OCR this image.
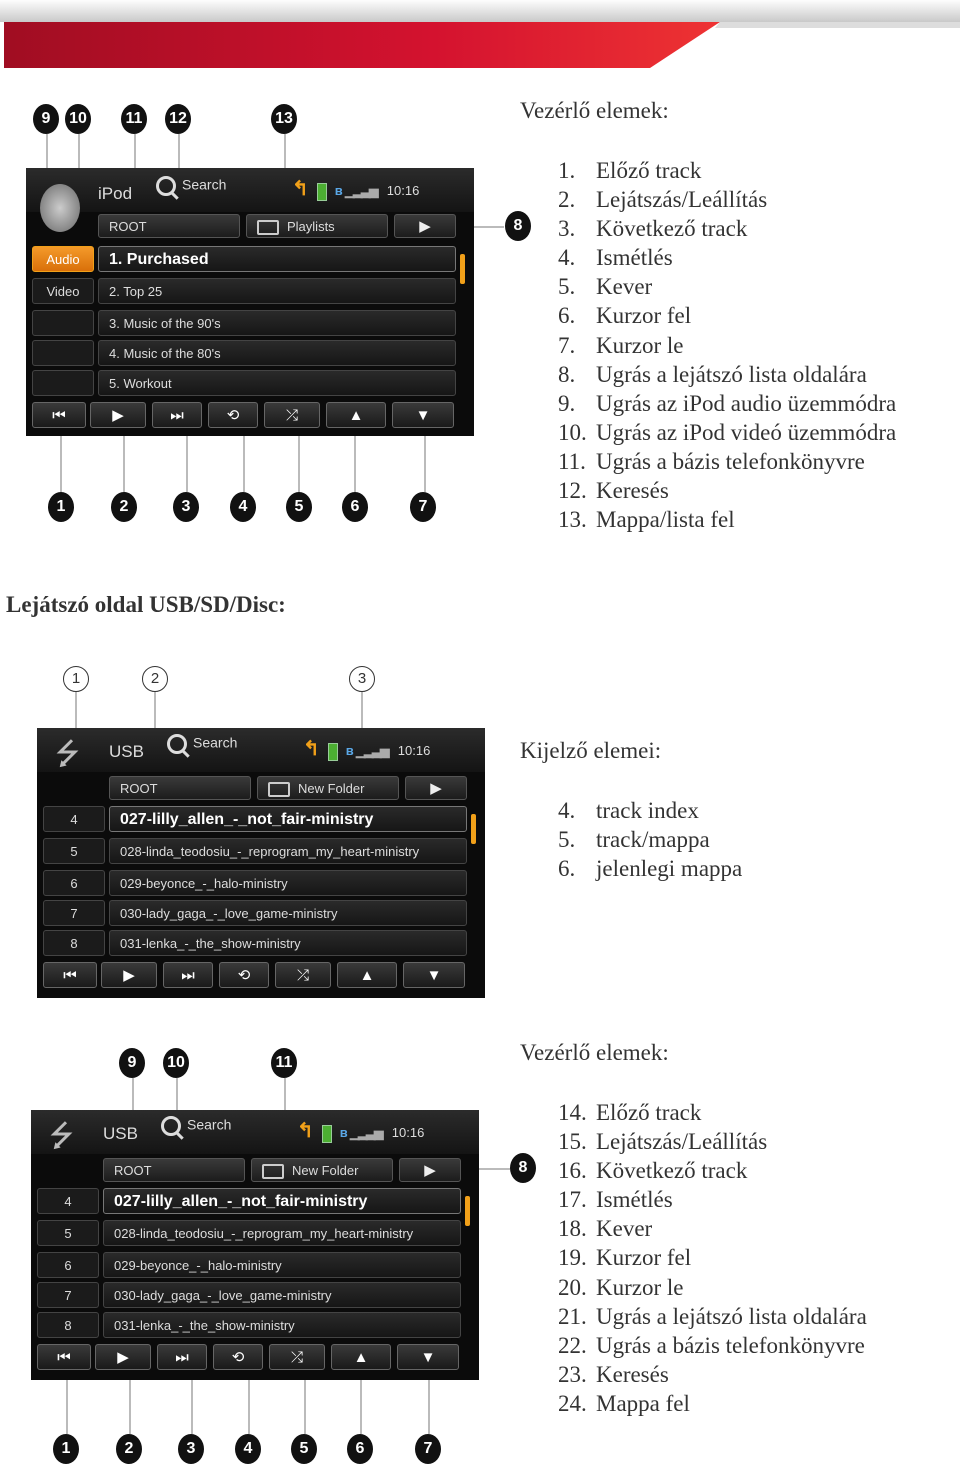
Vezérlő elemek:
1. Előző track
2. Lejátszás/Leállítás
3. Következő track
4. Ismétlés
5. Kever
6. Kurzor fel
7. Kurzor le
8. Ugrás a lejátszó lista oldalára
9. Ugrás az iPod audio üzemmódra
10. Ugrás az iPod videó üzemmódra
11. Ugrás a bázis telefonkönyvre
12. Keresés
13. Mappa/lista fel
9	10 11 12	13
1	2	3	4	5	6	7
8
iPod	Search	↰ ʙ ▁▂▃▅ 10:16
ROOT	Playlists	▶
Audio
Video
1. Purchased
2. Top 25
3. Music of the 90's
4. Music of the 80's
5. Workout
⏮	▶	⏭	⟲	⤮	▲	▼
Lejátszó oldal USB/SD/Disc:
Kijelző elemei:
4. track index
5. track/mappa
6. jelenlegi mappa
1	2	3
⭍ USB	Search	↰ ʙ ▁▂▃▅ 10:16
ROOT	New Folder	▶
4	027-lilly_allen_-_not_fair-ministry
5	028-linda_teodosiu_-_reprogram_my_heart-ministry
6	029-beyonce_-_halo-ministry
7	030-lady_gaga_-_love_game-ministry
8	031-lenka_-_the_show-ministry
⏮	▶	⏭	⟲	⤮	▲	▼
Vezérlő elemek:
14. Előző track
15. Lejátszás/Leállítás
16. Következő track
17. Ismétlés
18. Kever
19. Kurzor fel
20. Kurzor le
21. Ugrás a lejátszó lista oldalára
22. Ugrás a bázis telefonkönyvre
23. Keresés
24. Mappa fel
9	10	11
1	2	3	4	5	6	7
8
⭍ USB	Search	↰ ʙ ▁▂▃▅ 10:16
ROOT	New Folder	▶
4	027-lilly_allen_-_not_fair-ministry
5	028-linda_teodosiu_-_reprogram_my_heart-ministry
6	029-beyonce_-_halo-ministry
7	030-lady_gaga_-_love_game-ministry
8	031-lenka_-_the_show-ministry
⏮	▶	⏭	⟲	⤮	▲	▼
